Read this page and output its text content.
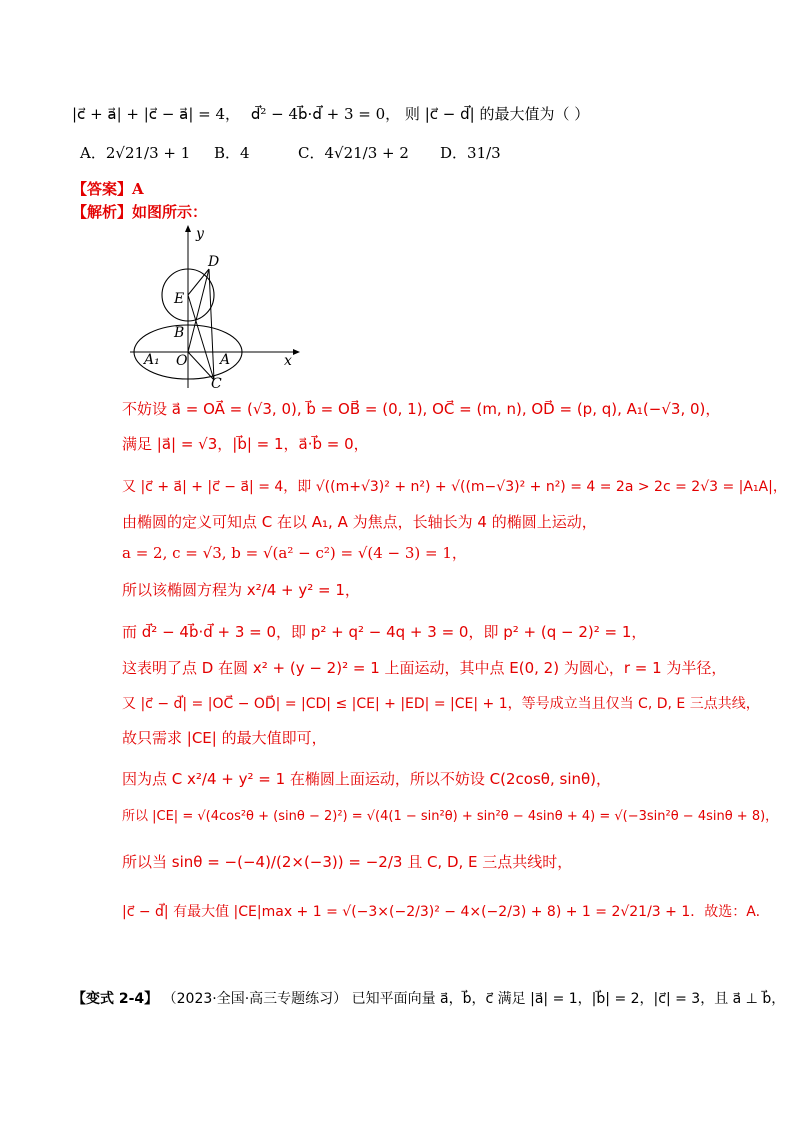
|c⃗ + a⃗| + |c⃗ − a⃗| = 4， d⃗² − 4b⃗·d⃗ + 3 = 0， 则 |c⃗ − d⃗| 的最大值为（ ）
A．2√21/3 + 1 B．4	C．4√21/3 + 2 D．31/3
【答案】A
【解析】如图所示：
y
x
D
E
B
O
A₁	A
C
不妨设 a⃗ = OA⃗ = (√3, 0), b⃗ = OB⃗ = (0, 1), OC⃗ = (m, n), OD⃗ = (p, q), A₁(−√3, 0)，
满足 |a⃗| = √3，|b⃗| = 1，a⃗·b⃗ = 0，
又 |c⃗ + a⃗| + |c⃗ − a⃗| = 4，即 √((m+√3)² + n²) + √((m−√3)² + n²) = 4 = 2a > 2c = 2√3 = |A₁A|，
由椭圆的定义可知点 C 在以 A₁, A 为焦点，长轴长为 4 的椭圆上运动，
a = 2, c = √3, b = √(a² − c²) = √(4 − 3) = 1，
所以该椭圆方程为 x²/4 + y² = 1，
而 d⃗² − 4b⃗·d⃗ + 3 = 0，即 p² + q² − 4q + 3 = 0，即 p² + (q − 2)² = 1，
这表明了点 D 在圆 x² + (y − 2)² = 1 上面运动，其中点 E(0, 2) 为圆心，r = 1 为半径，
又 |c⃗ − d⃗| = |OC⃗ − OD⃗| = |CD| ≤ |CE| + |ED| = |CE| + 1，等号成立当且仅当 C, D, E 三点共线，
故只需求 |CE| 的最大值即可，
因为点 C x²/4 + y² = 1 在椭圆上面运动，所以不妨设 C(2cosθ, sinθ)，
所以 |CE| = √(4cos²θ + (sinθ − 2)²) = √(4(1 − sin²θ) + sin²θ − 4sinθ + 4) = √(−3sin²θ − 4sinθ + 8)，
所以当 sinθ = −(−4)/(2×(−3)) = −2/3 且 C, D, E 三点共线时，
|c⃗ − d⃗| 有最大值 |CE|max + 1 = √(−3×(−2/3)² − 4×(−2/3) + 8) + 1 = 2√21/3 + 1．故选：A.
【变式 2-4】 （2023·全国·高三专题练习） 已知平面向量 a⃗，b⃗，c⃗ 满足 |a⃗| = 1，|b⃗| = 2，|c⃗| = 3，且 a⃗ ⊥ b⃗，
